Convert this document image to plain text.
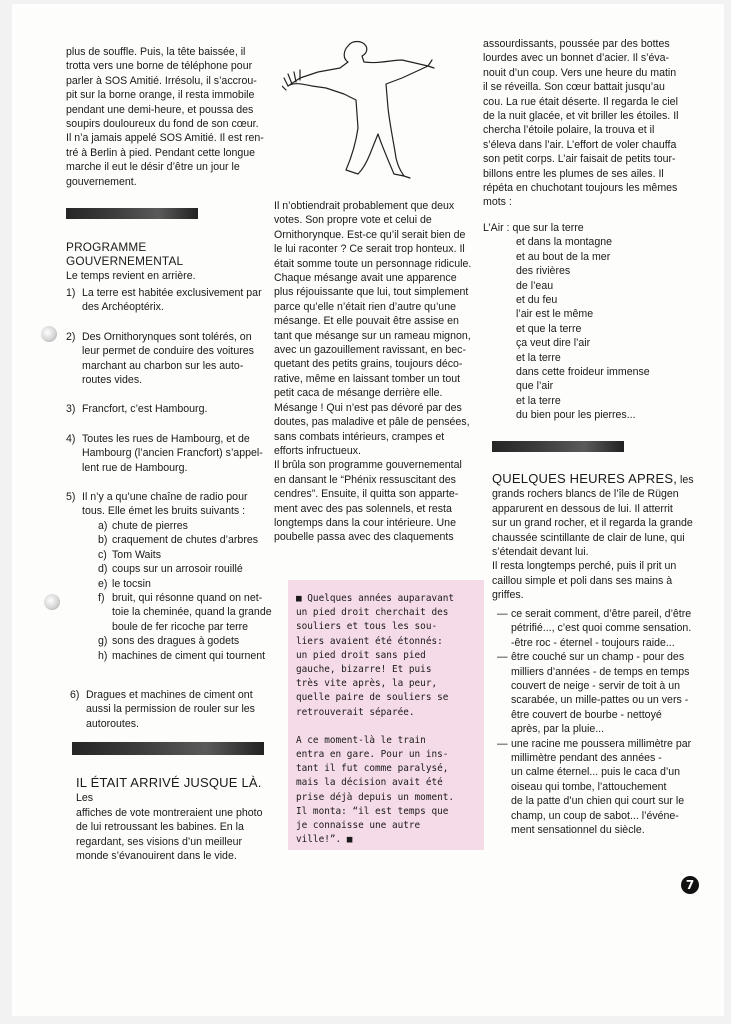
plus de souffle. Puis, la tête baissée, il

trotta vers une borne de téléphone pour

parler à SOS Amitié. Irrésolu, il s’accrou-

pit sur la borne orange, il resta immobile

pendant une demi-heure, et poussa des

soupirs douloureux du fond de son cœur.

Il n’a jamais appelé SOS Amitié. Il est ren-

tré à Berlin à pied. Pendant cette longue

marche il eut le désir d’être un jour le

gouvernement.

PROGRAMME GOUVERNEMENTAL

Le temps revient en arrière.

1) La terre est habitée exclusivement par
des Archéoptérix.
2) Des Ornithorynques sont tolérés, on
leur permet de conduire des voitures
marchant au charbon sur les auto-
routes vides.
3) Francfort, c’est Hambourg.
4) Toutes les rues de Hambourg, et de
Hambourg (l’ancien Francfort) s’appel-
lent rue de Hambourg.
5) Il n’y a qu’une chaîne de radio pour
tous. Elle émet les bruits suivants :
a) chute de pierres
b) craquement de chutes d’arbres
c) Tom Waits
d) coups sur un arrosoir rouillé
e) le tocsin
f) bruit, qui résonne quand on net-
toie la cheminée, quand la grande
boule de fer ricoche par terre
g) sons des dragues à godets
h) machines de ciment qui tournent
6) Dragues et machines de ciment ont
aussi la permission de rouler sur les
autoroutes.

IL ÉTAIT ARRIVÉ JUSQUE LÀ. Les

affiches de vote montreraient une photo

de lui retroussant les babines. En la

regardant, ses visions d’un meilleur

monde s’évanouirent dans le vide.

Il n’obtiendrait probablement que deux

votes. Son propre vote et celui de

Ornithorynque. Est-ce qu’il serait bien de

le lui raconter ? Ce serait trop honteux. Il

était somme toute un personnage ridicule.

Chaque mésange avait une apparence

plus réjouissante que lui, tout simplement

parce qu’elle n’était rien d’autre qu’une

mésange. Et elle pouvait être assise en

tant que mésange sur un rameau mignon,

avec un gazouillement ravissant, en bec-

quetant des petits grains, toujours déco-

rative, même en laissant tomber un tout

petit caca de mésange derrière elle.

Mésange ! Qui n’est pas dévoré par des

doutes, pas maladive et pâle de pensées,

sans combats intérieurs, crampes et

efforts infructueux.

Il brûla son programme gouvernemental

en dansant le “Phénix ressuscitant des

cendres”. Ensuite, il quitta son apparte-

ment avec des pas solennels, et resta

longtemps dans la cour intérieure. Une

poubelle passa avec des claquements

■ Quelques années auparavant
un pied droit cherchait des
souliers et tous les sou-
liers avaient été étonnés:
un pied droit sans pied
gauche, bizarre! Et puis
très vite après, la peur,
quelle paire de souliers se
retrouverait séparée.
A ce moment-là le train
entra en gare. Pour un ins-
tant il fut comme paralysé,
mais la décision avait été
prise déjà depuis un moment.
Il monta: “il est temps que
je connaisse une autre
ville!”. ■

assourdissants, poussée par des bottes

lourdes avec un bonnet d’acier. Il s’éva-

nouit d’un coup. Vers une heure du matin

il se réveilla. Son cœur battait jusqu’au

cou. La rue était déserte. Il regarda le ciel

de la nuit glacée, et vit briller les étoiles. Il

chercha l’étoile polaire, la trouva et il

s’éleva dans l’air. L’effort de voler chauffa

son petit corps. L’air faisait de petits tour-

billons entre les plumes de ses ailes. Il

répéta en chuchotant toujours les mêmes

mots :

L’Air : que sur la terre
et dans la montagne
et au bout de la mer
des rivières
de l’eau
et du feu
l’air est le même
et que la terre
ça veut dire l’air
et la terre
dans cette froideur immense
que l’air
et la terre
du bien pour les pierres...

QUELQUES HEURES APRES, les

grands rochers blancs de l’île de Rügen

apparurent en dessous de lui. Il atterrit

sur un grand rocher, et il regarda la grande

chaussée scintillante de clair de lune, qui

s’étendait devant lui.

Il resta longtemps perché, puis il prit un

caillou simple et poli dans ses mains à

griffes.

— ce serait comment, d’être pareil, d’être
pétrifié..., c’est quoi comme sensation.
-être roc - éternel - toujours raide...
— être couché sur un champ - pour des
milliers d’années - de temps en temps
couvert de neige - servir de toit à un
scarabée, un mille-pattes ou un vers -
être couvert de bourbe - nettoyé
après, par la pluie...
— une racine me poussera millimètre par
millimètre pendant des années -
un calme éternel... puis le caca d’un
oiseau qui tombe, l’attouchement
de la patte d’un chien qui court sur le
champ, un coup de sabot... l’événe-
ment sensationnel du siècle.
7
